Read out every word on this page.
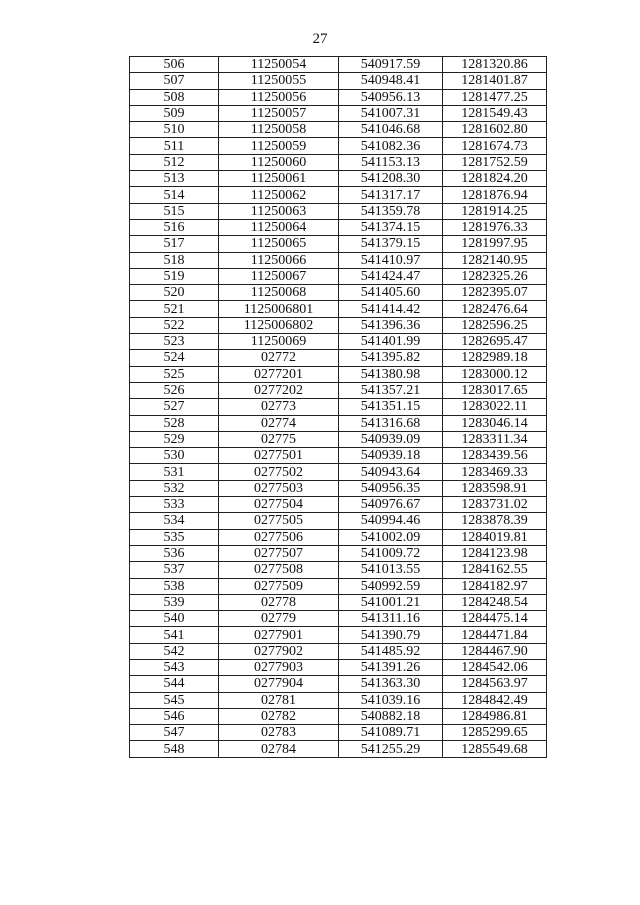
27
506	11250054	540917.59	1281320.86
507	11250055	540948.41	1281401.87
508	11250056	540956.13	1281477.25
509	11250057	541007.31	1281549.43
510	11250058	541046.68	1281602.80
511	11250059	541082.36	1281674.73
512	11250060	541153.13	1281752.59
513	11250061	541208.30	1281824.20
514	11250062	541317.17	1281876.94
515	11250063	541359.78	1281914.25
516	11250064	541374.15	1281976.33
517	11250065	541379.15	1281997.95
518	11250066	541410.97	1282140.95
519	11250067	541424.47	1282325.26
520	11250068	541405.60	1282395.07
521	1125006801	541414.42	1282476.64
522	1125006802	541396.36	1282596.25
523	11250069	541401.99	1282695.47
524	02772	541395.82	1282989.18
525	0277201	541380.98	1283000.12
526	0277202	541357.21	1283017.65
527	02773	541351.15	1283022.11
528	02774	541316.68	1283046.14
529	02775	540939.09	1283311.34
530	0277501	540939.18	1283439.56
531	0277502	540943.64	1283469.33
532	0277503	540956.35	1283598.91
533	0277504	540976.67	1283731.02
534	0277505	540994.46	1283878.39
535	0277506	541002.09	1284019.81
536	0277507	541009.72	1284123.98
537	0277508	541013.55	1284162.55
538	0277509	540992.59	1284182.97
539	02778	541001.21	1284248.54
540	02779	541311.16	1284475.14
541	0277901	541390.79	1284471.84
542	0277902	541485.92	1284467.90
543	0277903	541391.26	1284542.06
544	0277904	541363.30	1284563.97
545	02781	541039.16	1284842.49
546	02782	540882.18	1284986.81
547	02783	541089.71	1285299.65
548	02784	541255.29	1285549.68
